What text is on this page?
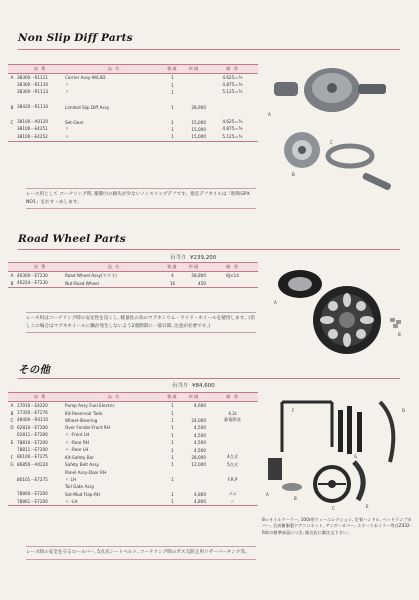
Non Slip Diff Parts
	部 番	品 名	数量	単価	摘 要
A	38300－R1111	Carrier Assy‐W/LSD	1		4.625＝⅗
	38300－R1110	〃	1		4.875＝⅗
	38300－R1113	〃	1		5.125＝⅗

B	38420－R1110	Limited Slip Diff Assy	1	28,900	

C	38100－A0120	Set-Gear	1	15,000	4.625＝⅗
	38100－E4251	〃	1	15,000	4.875＝⅗
	38100－E4252	〃	1	15,000	5.125＝⅗
レース用として コーナリング時, 駆動力の損失が少ないノンスリップデフです。指定デフオイルは「昭和GPX NO1」をおすゝめします。
A
B
C
Road Wheel Parts
台当り ¥239,200
	部 番	品 名	数量	単価	摘 要
A	40300－E7230	Road Wheel Assy(マグネ)	4	58,800	8J×14
B	40224－E7230	Nut-Road Wheel	16	450	
レース用はコーナリング時の安定性を良くし, 軽量化の為のマグネシウム・ワイド・ホイールを使用します。(但しこの場合はマグネホイールに鋼が発生しないよう2週期間に一部日間, 注意が必要です。)
A
B
その他
台当り ¥84,600
	部 番	品 名	数量	単価	摘 要
A	17010－E4220	Pump Assy Fuel Electric	1	4,600	
B	17350－E7276	Kit-Reservoir Tank	1		4.2ℓ
C	48400－R4110	Wheel-Steering	1	24,000	静電附塗
D	62810－E7200	Over Fender-Front RH	1	4,500	
	62811－E7200	〃 -Front LH	1	4,500	
E	78810－E7200	〃 -Rear RH	1	4,500	
	78811－E7200	〃 -Rear LH	1	4,500	
F	86100－E7275	Kit-Safety Bar	1	28,000	4点式
G	86850－A0220	Safety Belt Assy	1	12,000	5点式
		Panel Assy-Door RH			
	80101－E7275	〃 LH	1		F.R.P
		Tail Gate Assy			
	78860－E7200	Set-Mud Flap-RH	1	4,800	ゴム
	78861－E7200	〃 -LH	1	4,800	〃
レース時の安全を守るロールバー, 5点式シートベルト, コーナリング時のガス欠防止用リザーバータンク等。
A
B
C
D
E
F
G
B＝オイルクーラー, 100ℓ用ウェーエレクション, 定着ハンドル, ベッドランプカバー, 合成樹脂製ドアコンネット, アンダーカバー, エヤースポイラー等はZ432-R車の標準部品につき, 販売店に御注文下さい。
